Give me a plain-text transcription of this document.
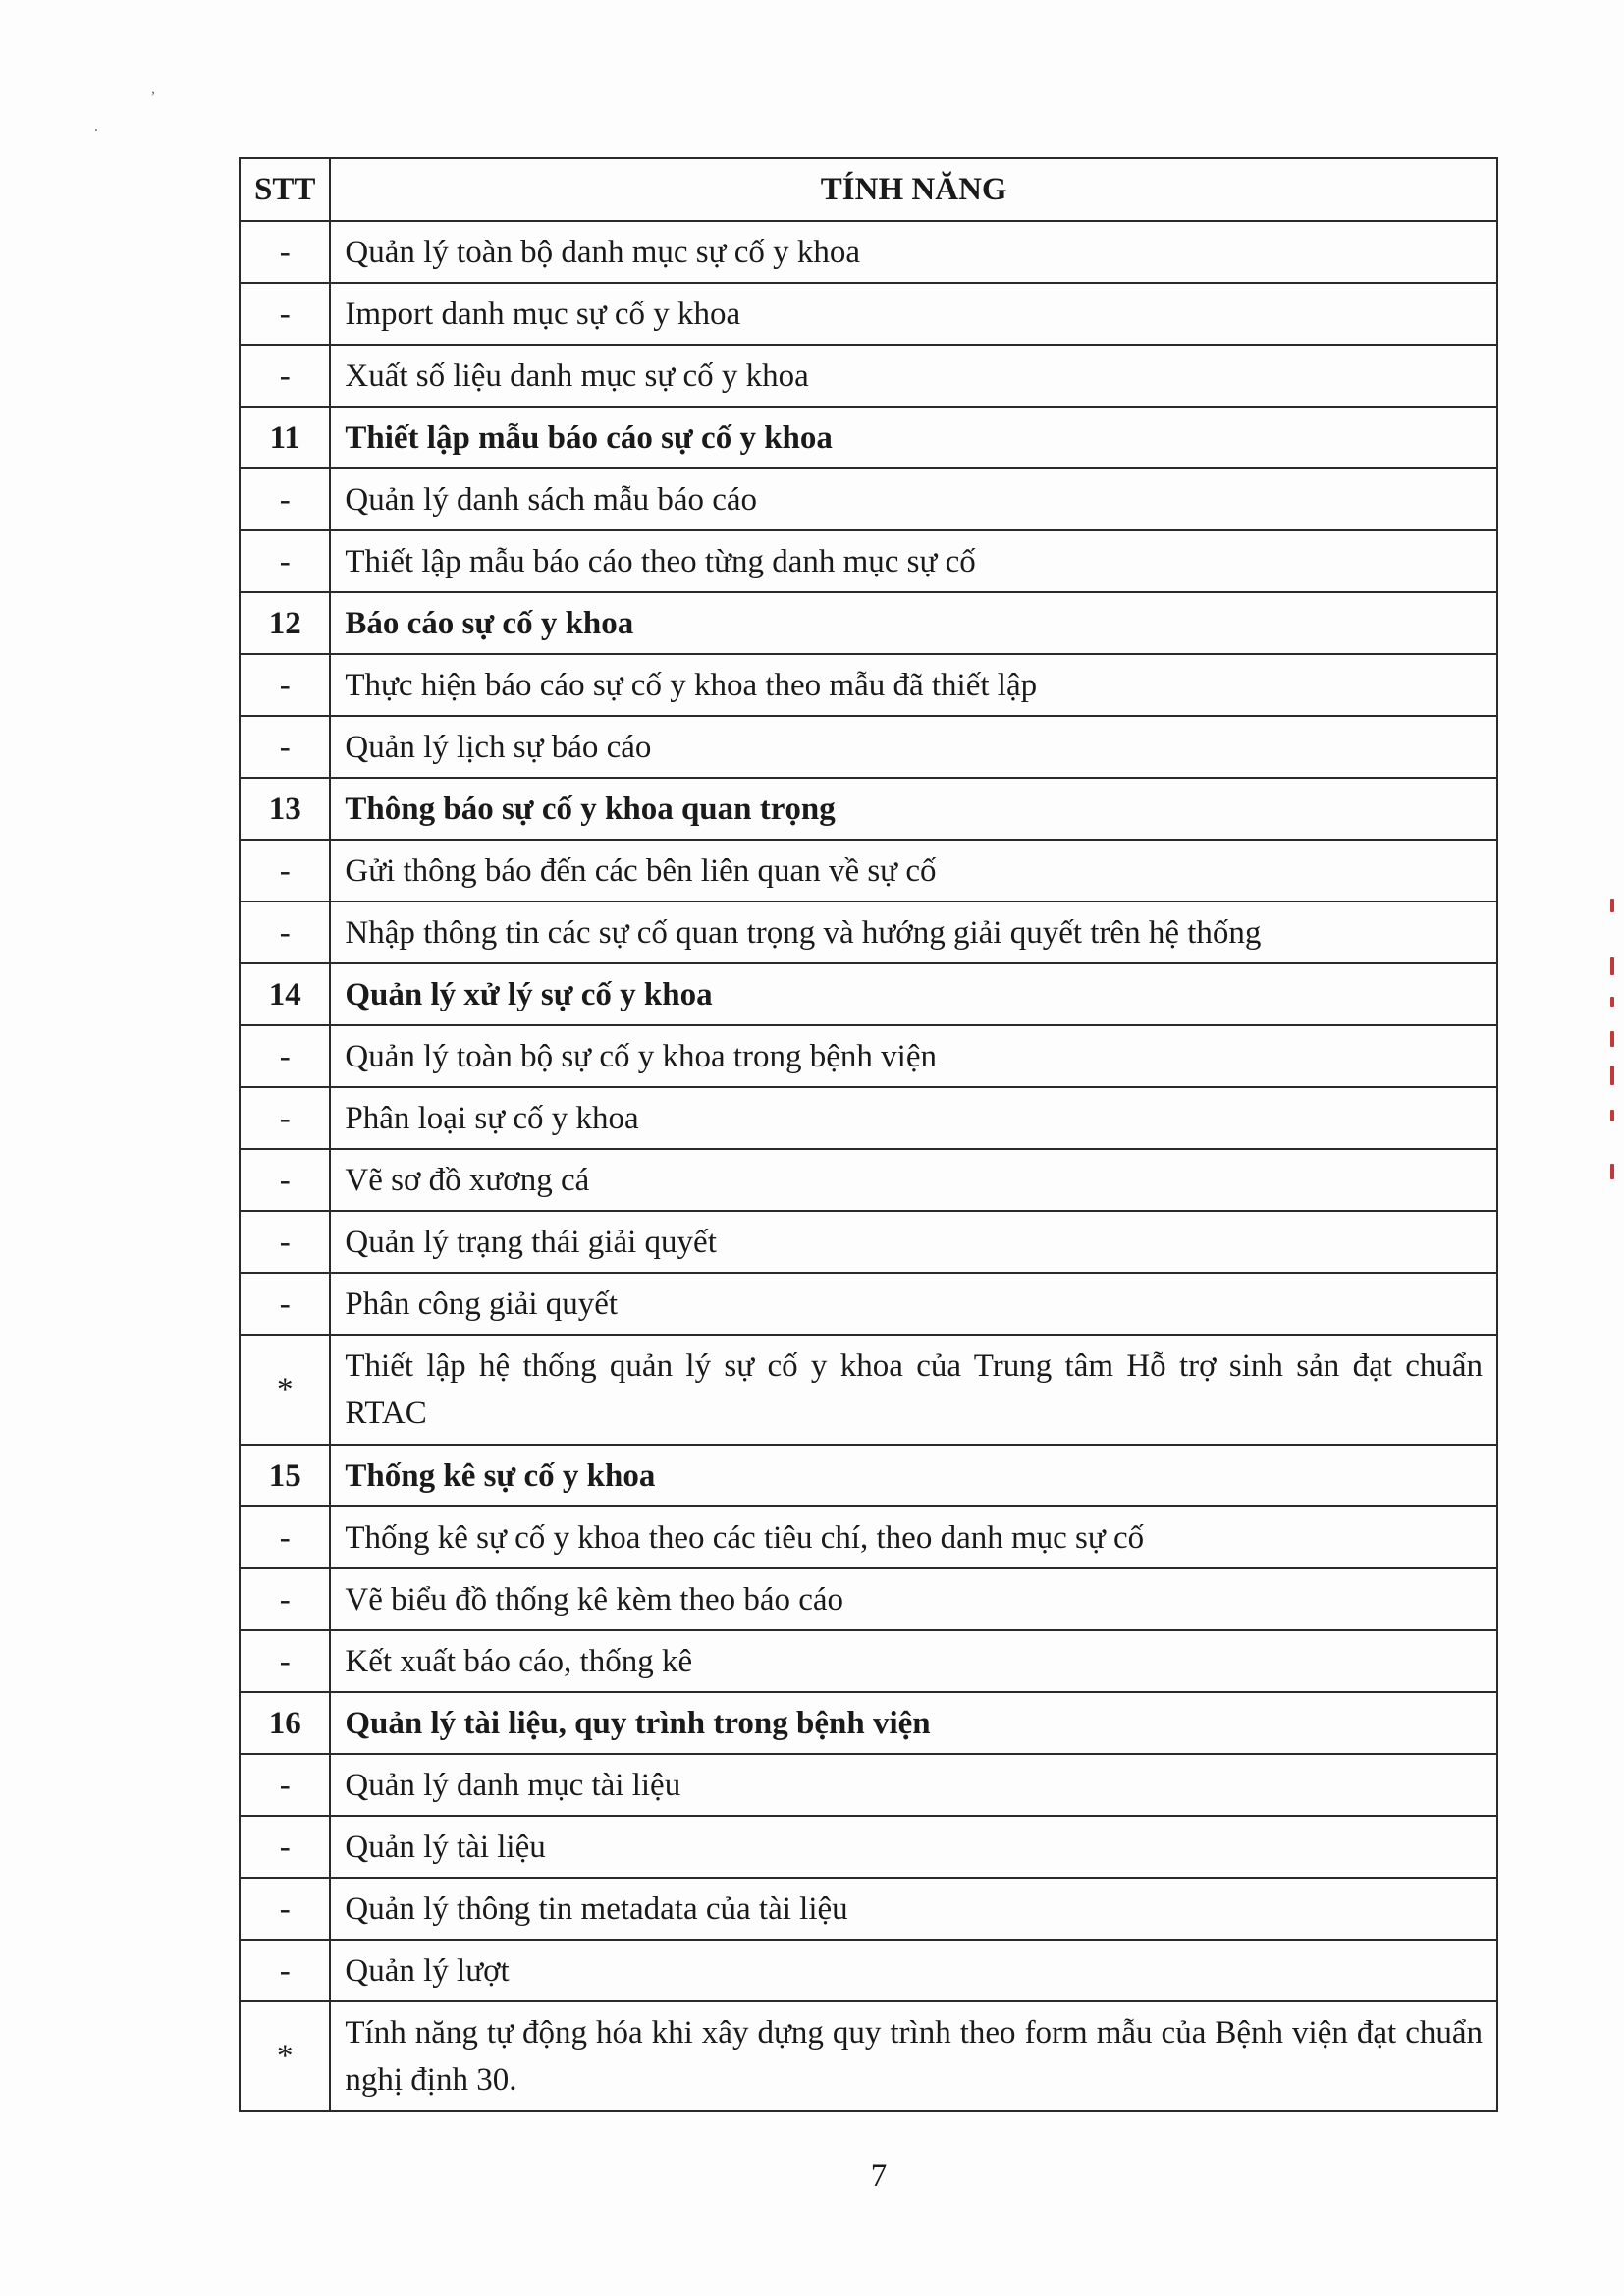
,
.
STT	TÍNH NĂNG
-	Quản lý toàn bộ danh mục sự cố y khoa
-	Import danh mục sự cố y khoa
-	Xuất số liệu danh mục sự cố y khoa
11	Thiết lập mẫu báo cáo sự cố y khoa
-	Quản lý danh sách mẫu báo cáo
-	Thiết lập mẫu báo cáo theo từng danh mục sự cố
12	Báo cáo sự cố y khoa
-	Thực hiện báo cáo sự cố y khoa theo mẫu đã thiết lập
-	Quản lý lịch sự báo cáo
13	Thông báo sự cố y khoa quan trọng
-	Gửi thông báo đến các bên liên quan về sự cố
-	Nhập thông tin các sự cố quan trọng và hướng giải quyết trên hệ thống
14	Quản lý xử lý sự cố y khoa
-	Quản lý toàn bộ sự cố y khoa trong bệnh viện
-	Phân loại sự cố y khoa
-	Vẽ sơ đồ xương cá
-	Quản lý trạng thái giải quyết
-	Phân công giải quyết
*	Thiết lập hệ thống quản lý sự cố y khoa của Trung tâm Hỗ trợ sinh sản đạt chuẩn RTAC
15	Thống kê sự cố y khoa
-	Thống kê sự cố y khoa theo các tiêu chí, theo danh mục sự cố
-	Vẽ biểu đồ thống kê kèm theo báo cáo
-	Kết xuất báo cáo, thống kê
16	Quản lý tài liệu, quy trình trong bệnh viện
-	Quản lý danh mục tài liệu
-	Quản lý tài liệu
-	Quản lý thông tin metadata của tài liệu
-	Quản lý lượt
*	Tính năng tự động hóa khi xây dựng quy trình theo form mẫu của Bệnh viện đạt chuẩn nghị định 30.
7
